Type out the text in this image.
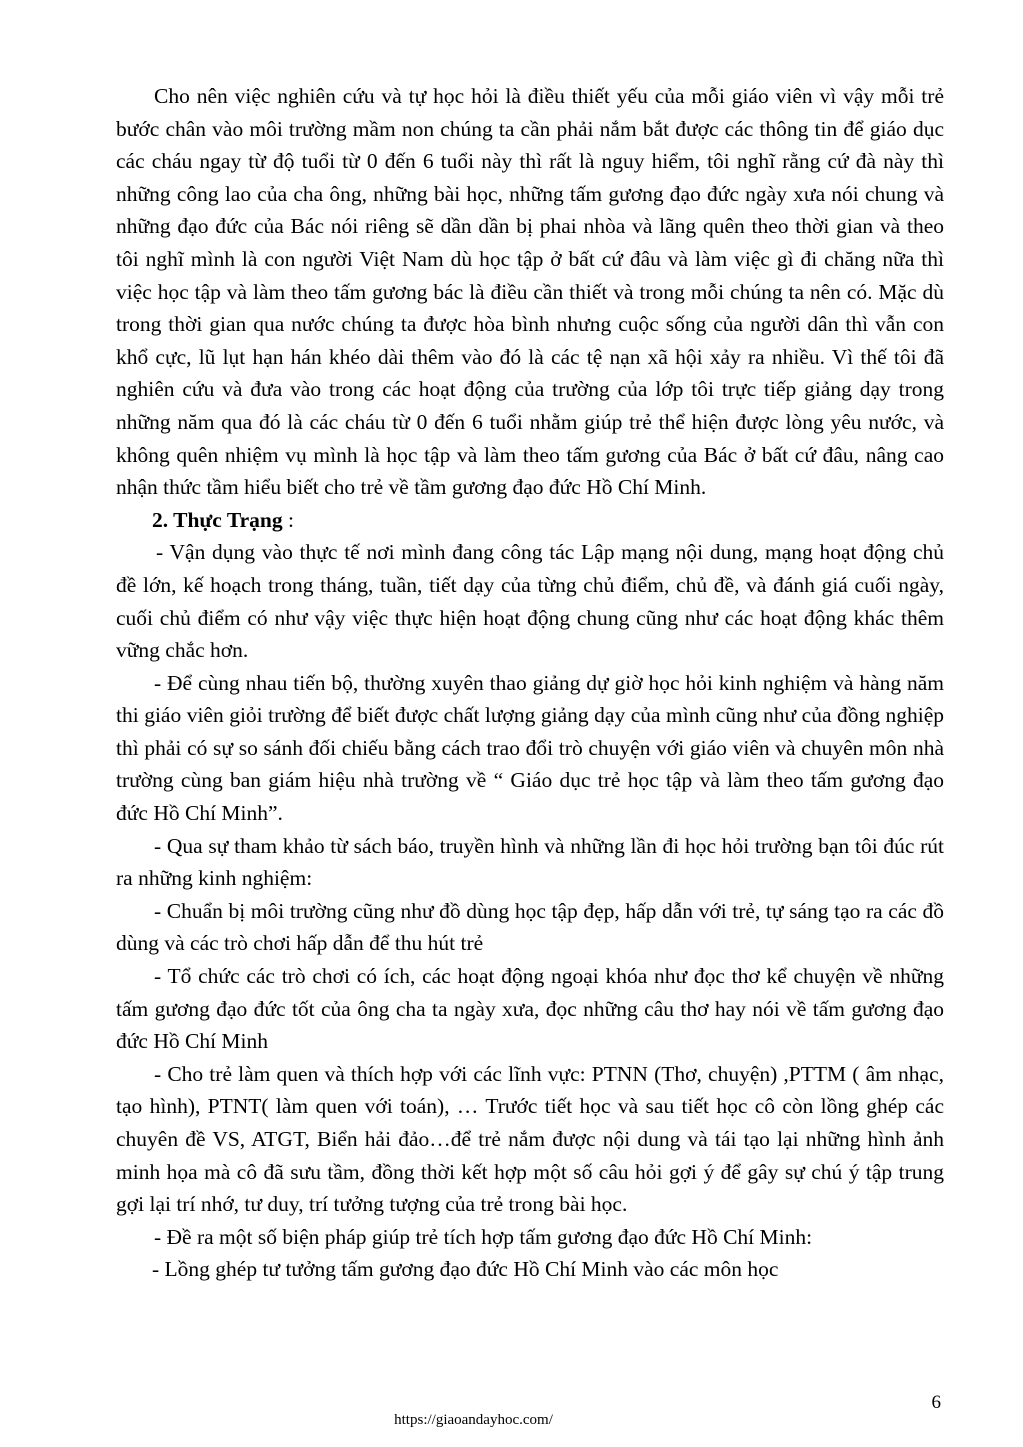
Cho nên việc nghiên cứu và tự học hỏi là điều thiết yếu của mỗi giáo viên vì vậy mỗi trẻ bước chân vào môi trường mầm non chúng ta cần phải nắm bắt được các thông tin để giáo dục các cháu ngay từ độ tuổi từ 0 đến 6 tuổi này thì rất là nguy hiểm, tôi nghĩ rằng cứ đà này thì những công lao của cha ông, những bài học, những tấm gương đạo đức ngày xưa nói chung và những đạo đức của Bác nói riêng sẽ dần dần bị phai nhòa và lãng quên theo thời gian và theo tôi nghĩ mình là con người Việt Nam dù học tập ở bất cứ đâu và làm việc gì đi chăng nữa thì việc học tập và làm theo tấm gương bác là điều cần thiết và trong mỗi chúng ta nên có. Mặc dù trong thời gian qua nước chúng ta được hòa bình nhưng cuộc sống của người dân thì vẫn con khổ cực, lũ lụt hạn hán khéo dài thêm vào đó là các tệ nạn xã hội xảy ra nhiều. Vì thế tôi đã nghiên cứu và đưa vào trong các hoạt động của trường của lớp tôi trực tiếp giảng dạy trong những năm qua đó là các cháu từ 0 đến 6 tuổi nhằm giúp trẻ thể hiện được lòng yêu nước, và không quên nhiệm vụ mình là học tập và làm theo tấm gương của Bác ở bất cứ đâu, nâng cao nhận thức tầm hiểu biết cho trẻ về tầm gương đạo đức Hồ Chí Minh.

2. Thực Trạng :

- Vận dụng vào thực tế nơi mình đang công tác Lập mạng nội dung, mạng hoạt động chủ đề lớn, kế hoạch trong tháng, tuần, tiết dạy của từng chủ điểm, chủ đề, và đánh giá cuối ngày, cuối chủ điểm có như vậy việc thực hiện hoạt động chung cũng như các hoạt động khác thêm vững chắc hơn.

- Để cùng nhau tiến bộ, thường xuyên thao giảng dự giờ học hỏi kinh nghiệm và hàng năm thi giáo viên giỏi trường để biết được chất lượng giảng dạy của mình cũng như của đồng nghiệp thì phải có sự so sánh đối chiếu bằng cách trao đổi trò chuyện với giáo viên và chuyên môn nhà trường cùng ban giám hiệu nhà trường về “ Giáo dục trẻ học tập và làm theo tấm gương đạo đức Hồ Chí Minh”.

- Qua sự tham khảo từ sách báo, truyền hình và những lần đi học hỏi trường bạn tôi đúc rút ra những kinh nghiệm:

- Chuẩn bị môi trường cũng như đồ dùng học tập đẹp, hấp dẫn với trẻ, tự sáng tạo ra các đồ dùng và các trò chơi hấp dẫn để thu hút trẻ

- Tổ chức các trò chơi có ích, các hoạt động ngoại khóa như đọc thơ kể chuyện về những tấm gương đạo đức tốt của ông cha ta ngày xưa, đọc những câu thơ hay nói về tấm gương đạo đức Hồ Chí Minh

- Cho trẻ làm quen và thích hợp với các lĩnh vực: PTNN (Thơ, chuyện) ,PTTM ( âm nhạc, tạo hình), PTNT( làm quen với toán), … Trước tiết học và sau tiết học cô còn lồng ghép các chuyên đề VS, ATGT, Biển hải đảo…để trẻ nắm được nội dung và tái tạo lại những hình ảnh minh họa mà cô đã sưu tầm, đồng thời kết hợp một số câu hỏi gợi ý để gây sự chú ý tập trung gợi lại trí nhớ, tư duy, trí tưởng tượng của trẻ trong bài học.

- Đề ra một số biện pháp giúp trẻ tích hợp tấm gương đạo đức Hồ Chí Minh:

- Lồng ghép tư tưởng tấm gương đạo đức Hồ Chí Minh vào các môn học

6
https://giaoandayhoc.com/
